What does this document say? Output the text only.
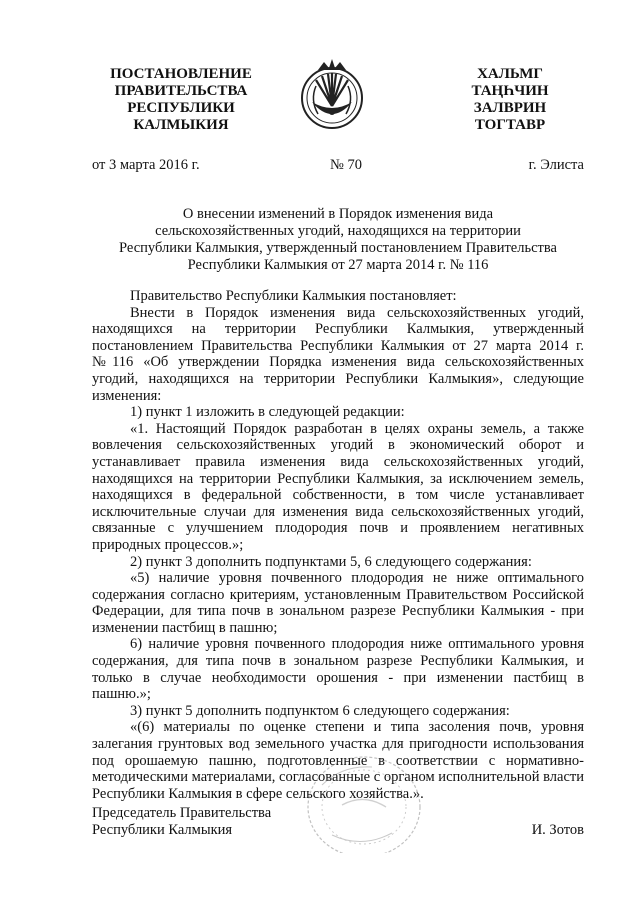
ПОСТАНОВЛЕНИЕ
ПРАВИТЕЛЬСТВА
РЕСПУБЛИКИ
КАЛМЫКИЯ
ХАЛЬМГ
ТАҢҺЧИН
ЗАЛВРИН
ТОГТАВР
от 3 марта 2016 г.	№ 70	г. Элиста
О внесении изменений в Порядок изменения вида
сельскохозяйственных угодий, находящихся на территории
Республики Калмыкия, утвержденный постановлением Правительства
Республики Калмыкия от 27 марта 2014 г. № 116

Правительство Республики Калмыкия постановляет:

Внести в Порядок изменения вида сельскохозяйственных угодий, находящихся на территории Республики Калмыкия, утвержденный постановлением Правительства Республики Калмыкия от 27 марта 2014 г. №116 «Об утверждении Порядка изменения вида сельскохозяйственных угодий, находящихся на территории Республики Калмыкия», следующие изменения:

1) пункт 1 изложить в следующей редакции:

«1. Настоящий Порядок разработан в целях охраны земель, а также вовлечения сельскохозяйственных угодий в экономический оборот и устанавливает правила изменения вида сельскохозяйственных угодий, находящихся на территории Республики Калмыкия, за исключением земель, находящихся в федеральной собственности, в том числе устанавливает исключительные случаи для изменения вида сельскохозяйственных угодий, связанные с улучшением плодородия почв и проявлением негативных природных процессов.»;

2) пункт 3 дополнить подпунктами 5, 6 следующего содержания:

«5) наличие уровня почвенного плодородия не ниже оптимального содержания согласно критериям, установленным Правительством Российской Федерации, для типа почв в зональном разрезе Республики Калмыкия - при изменении пастбищ в пашню;

6) наличие уровня почвенного плодородия ниже оптимального уровня содержания, для типа почв в зональном разрезе Республики Калмыкия, и только в случае необходимости орошения - при изменении пастбищ в пашню.»;

3) пункт 5 дополнить подпунктом 6 следующего содержания:

«(6) материалы по оценке степени и типа засоления почв, уровня залегания грунтовых вод земельного участка для пригодности использования под орошаемую пашню, подготовленные в соответствии с нормативно-методическими материалами, согласованные с органом исполнительной власти Республики Калмыкия в сфере сельского хозяйства.».

Председатель Правительства
Республики Калмыкия	И. Зотов
